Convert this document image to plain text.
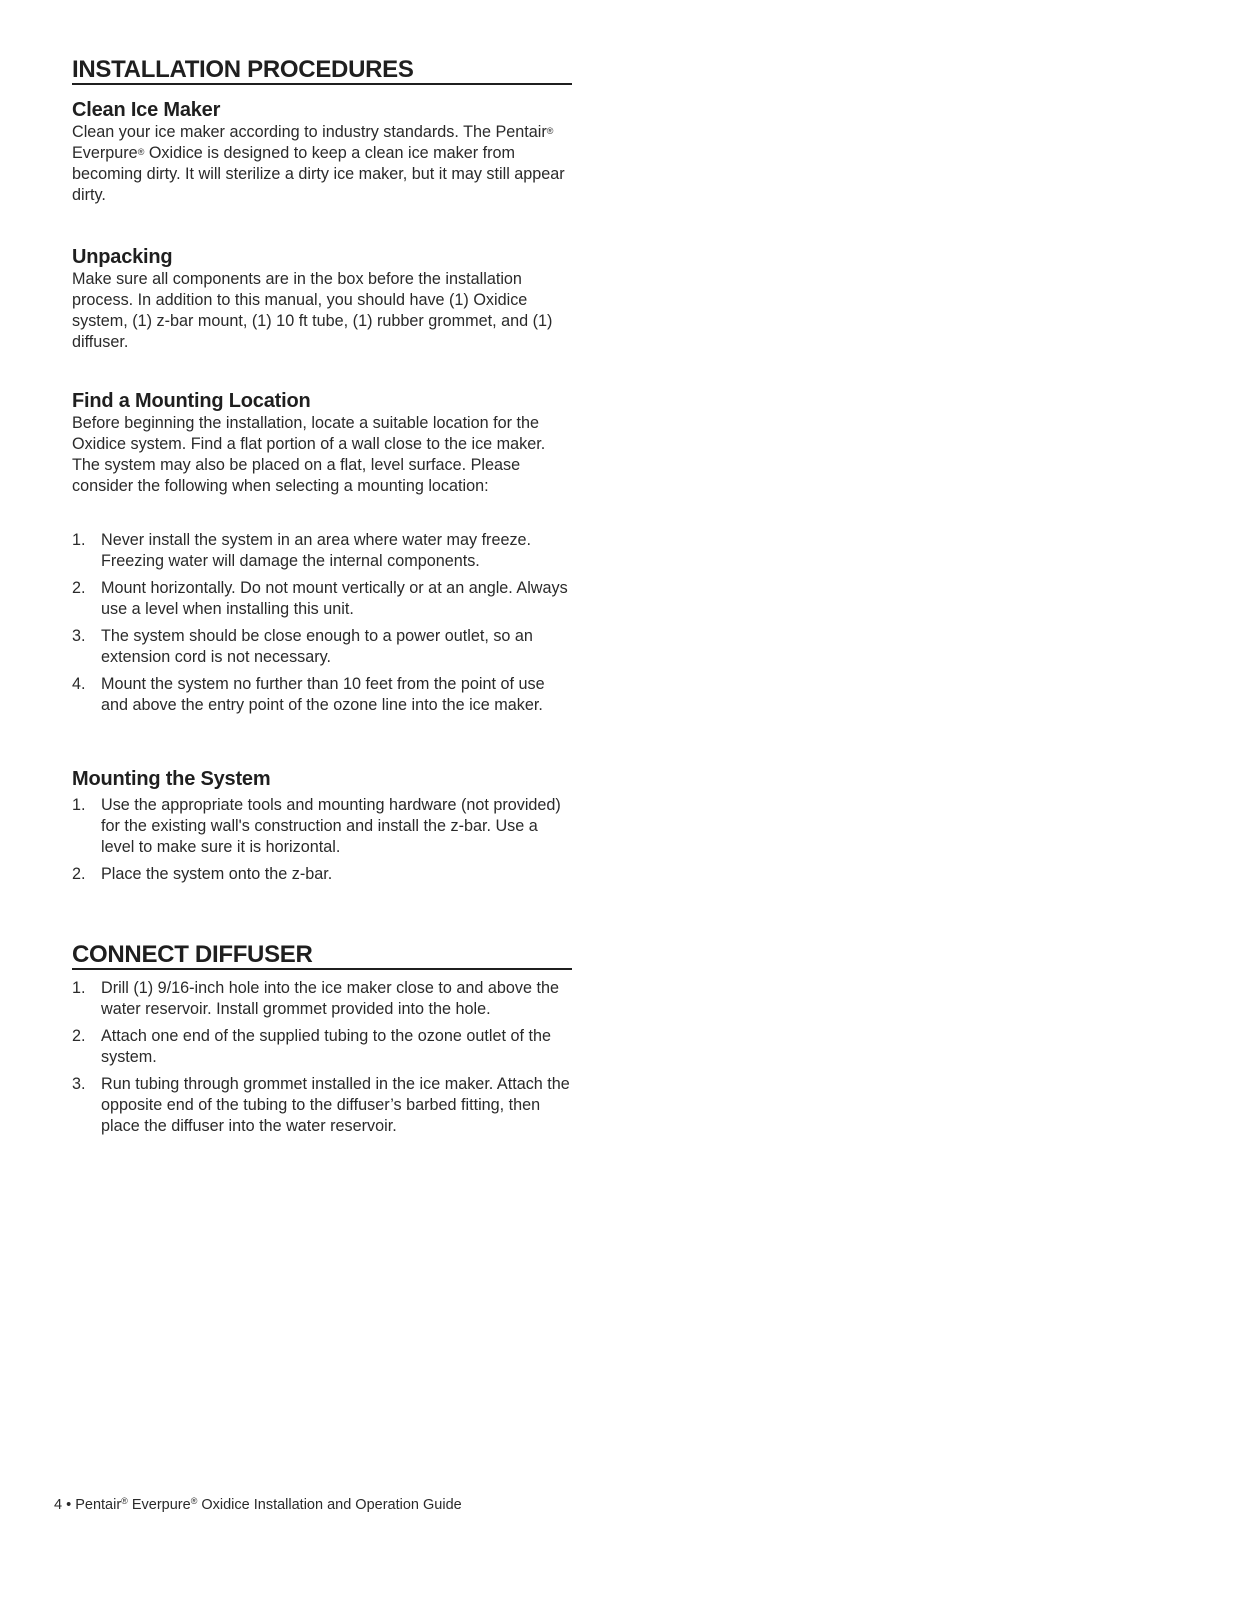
INSTALLATION PROCEDURES
Clean Ice Maker

Clean your ice maker according to industry standards. The Pentair® Everpure® Oxidice is designed to keep a clean ice maker from becoming dirty. It will sterilize a dirty ice maker, but it may still appear dirty.

Unpacking

Make sure all components are in the box before the installation process. In addition to this manual, you should have (1) Oxidice system, (1) z-bar mount, (1) 10 ft tube, (1) rubber grommet, and (1) diffuser.

Find a Mounting Location

Before beginning the installation, locate a suitable location for the Oxidice system. Find a flat portion of a wall close to the ice maker. The system may also be placed on a flat, level surface. Please consider the following when selecting a mounting location:

1. Never install the system in an area where water may freeze. Freezing water will damage the internal components.
2. Mount horizontally. Do not mount vertically or at an angle. Always use a level when installing this unit.
3. The system should be close enough to a power outlet, so an extension cord is not necessary.
4. Mount the system no further than 10 feet from the point of use and above the entry point of the ozone line into the ice maker.
Mounting the System
1. Use the appropriate tools and mounting hardware (not provided) for the existing wall's construction and install the z-bar. Use a level to make sure it is horizontal.
2. Place the system onto the z-bar.
CONNECT DIFFUSER
1. Drill (1) 9/16-inch hole into the ice maker close to and above the water reservoir. Install grommet provided into the hole.
2. Attach one end of the supplied tubing to the ozone outlet of the system.
3. Run tubing through grommet installed in the ice maker. Attach the opposite end of the tubing to the diffuser’s barbed fitting, then place the diffuser into the water reservoir.
4 • Pentair® Everpure® Oxidice Installation and Operation Guide
